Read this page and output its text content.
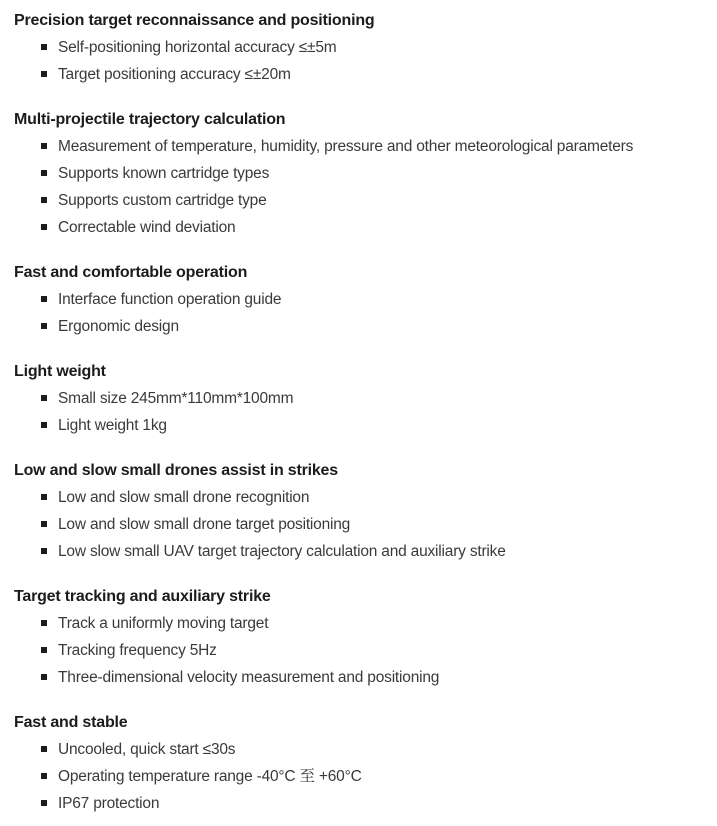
Precision target reconnaissance and positioning
Self-positioning horizontal accuracy ≤±5m
Target positioning accuracy ≤±20m
Multi-projectile trajectory calculation
Measurement of temperature, humidity, pressure and other meteorological parameters
Supports known cartridge types
Supports custom cartridge type
Correctable wind deviation
Fast and comfortable operation
Interface function operation guide
Ergonomic design
Light weight
Small size 245mm*110mm*100mm
Light weight 1kg
Low and slow small drones assist in strikes
Low and slow small drone recognition
Low and slow small drone target positioning
Low slow small UAV target trajectory calculation and auxiliary strike
Target tracking and auxiliary strike
Track a uniformly moving target
Tracking frequency 5Hz
Three-dimensional velocity measurement and positioning
Fast and stable
Uncooled, quick start ≤30s
Operating temperature range -40°C 至 +60°C
IP67 protection
